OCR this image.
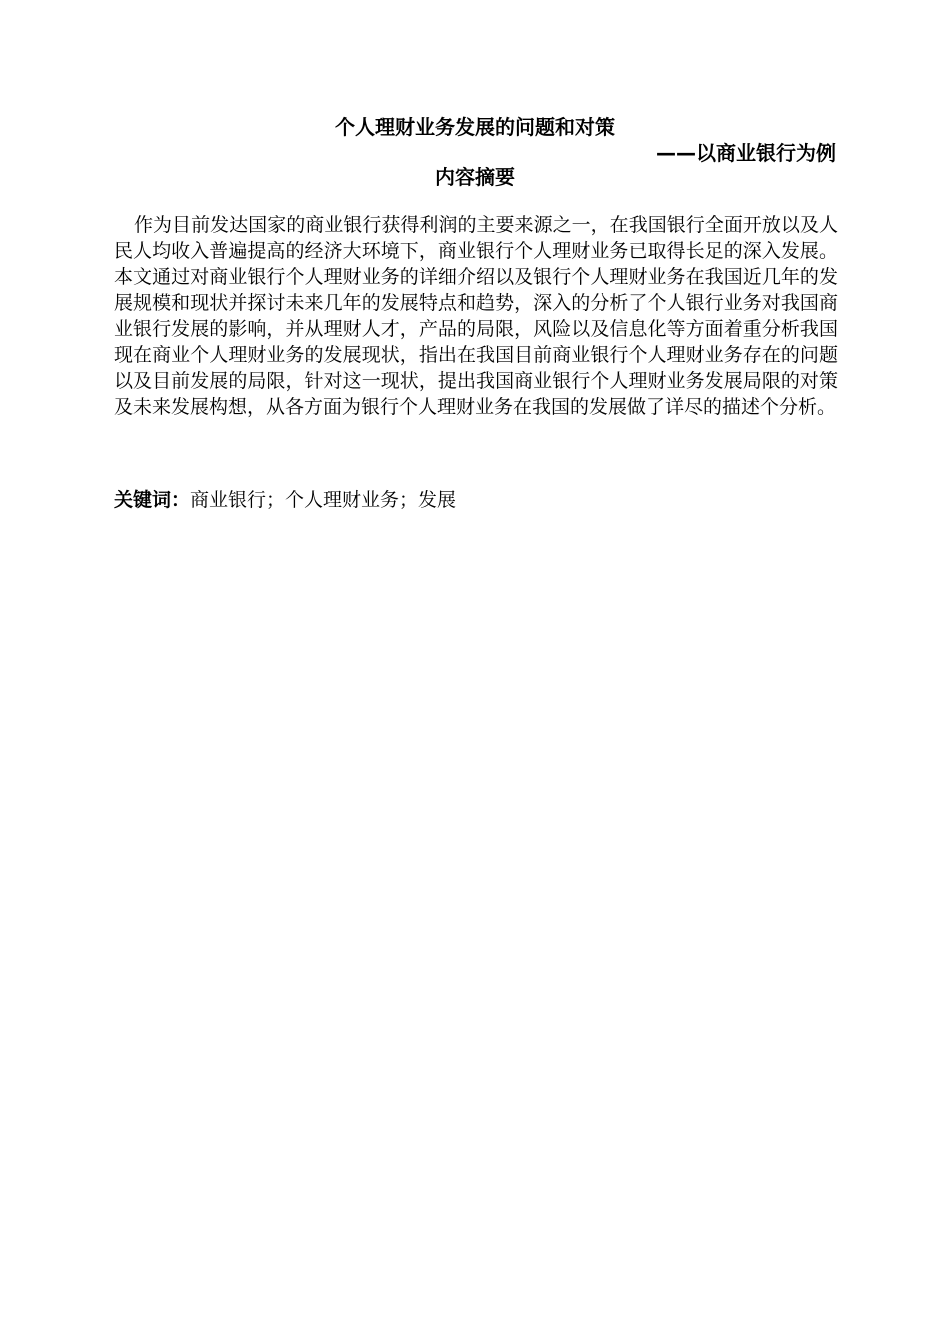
个人理财业务发展的问题和对策
——以商业银行为例
内容摘要
作为目前发达国家的商业银行获得利润的主要来源之一，在我国银行全面开放以及人民人均收入普遍提高的经济大环境下，商业银行个人理财业务已取得长足的深入发展。本文通过对商业银行个人理财业务的详细介绍以及银行个人理财业务在我国近几年的发展规模和现状并探讨未来几年的发展特点和趋势，深入的分析了个人银行业务对我国商业银行发展的影响，并从理财人才，产品的局限，风险以及信息化等方面着重分析我国现在商业个人理财业务的发展现状，指出在我国目前商业银行个人理财业务存在的问题以及目前发展的局限，针对这一现状，提出我国商业银行个人理财业务发展局限的对策及未来发展构想，从各方面为银行个人理财业务在我国的发展做了详尽的描述个分析。
关键词：商业银行；个人理财业务；发展
